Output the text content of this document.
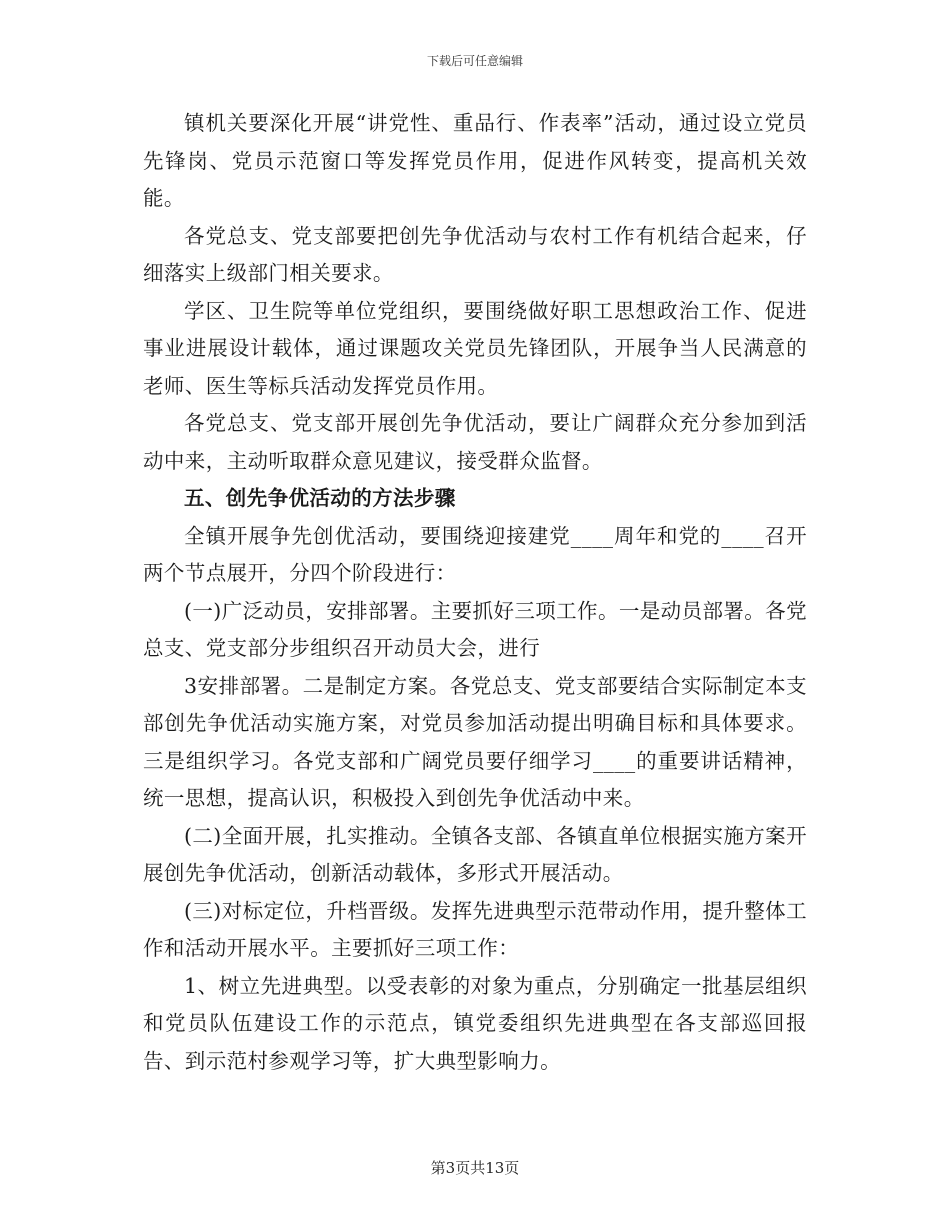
下载后可任意编辑

镇机关要深化开展“讲党性、重品行、作表率”活动，通过设立党员先锋岗、党员示范窗口等发挥党员作用，促进作风转变，提高机关效能。

各党总支、党支部要把创先争优活动与农村工作有机结合起来，仔细落实上级部门相关要求。

学区、卫生院等单位党组织，要围绕做好职工思想政治工作、促进事业进展设计载体，通过课题攻关党员先锋团队，开展争当人民满意的老师、医生等标兵活动发挥党员作用。

各党总支、党支部开展创先争优活动，要让广阔群众充分参加到活动中来，主动听取群众意见建议，接受群众监督。

五、创先争优活动的方法步骤

全镇开展争先创优活动，要围绕迎接建党____周年和党的____召开两个节点展开，分四个阶段进行：

(一)广泛动员，安排部署。主要抓好三项工作。一是动员部署。各党总支、党支部分步组织召开动员大会，进行

3安排部署。二是制定方案。各党总支、党支部要结合实际制定本支部创先争优活动实施方案，对党员参加活动提出明确目标和具体要求。三是组织学习。各党支部和广阔党员要仔细学习____的重要讲话精神，统一思想，提高认识，积极投入到创先争优活动中来。

(二)全面开展，扎实推动。全镇各支部、各镇直单位根据实施方案开展创先争优活动，创新活动载体，多形式开展活动。

(三)对标定位，升档晋级。发挥先进典型示范带动作用，提升整体工作和活动开展水平。主要抓好三项工作：

1、树立先进典型。以受表彰的对象为重点，分别确定一批基层组织和党员队伍建设工作的示范点，镇党委组织先进典型在各支部巡回报告、到示范村参观学习等，扩大典型影响力。

第3页共13页
